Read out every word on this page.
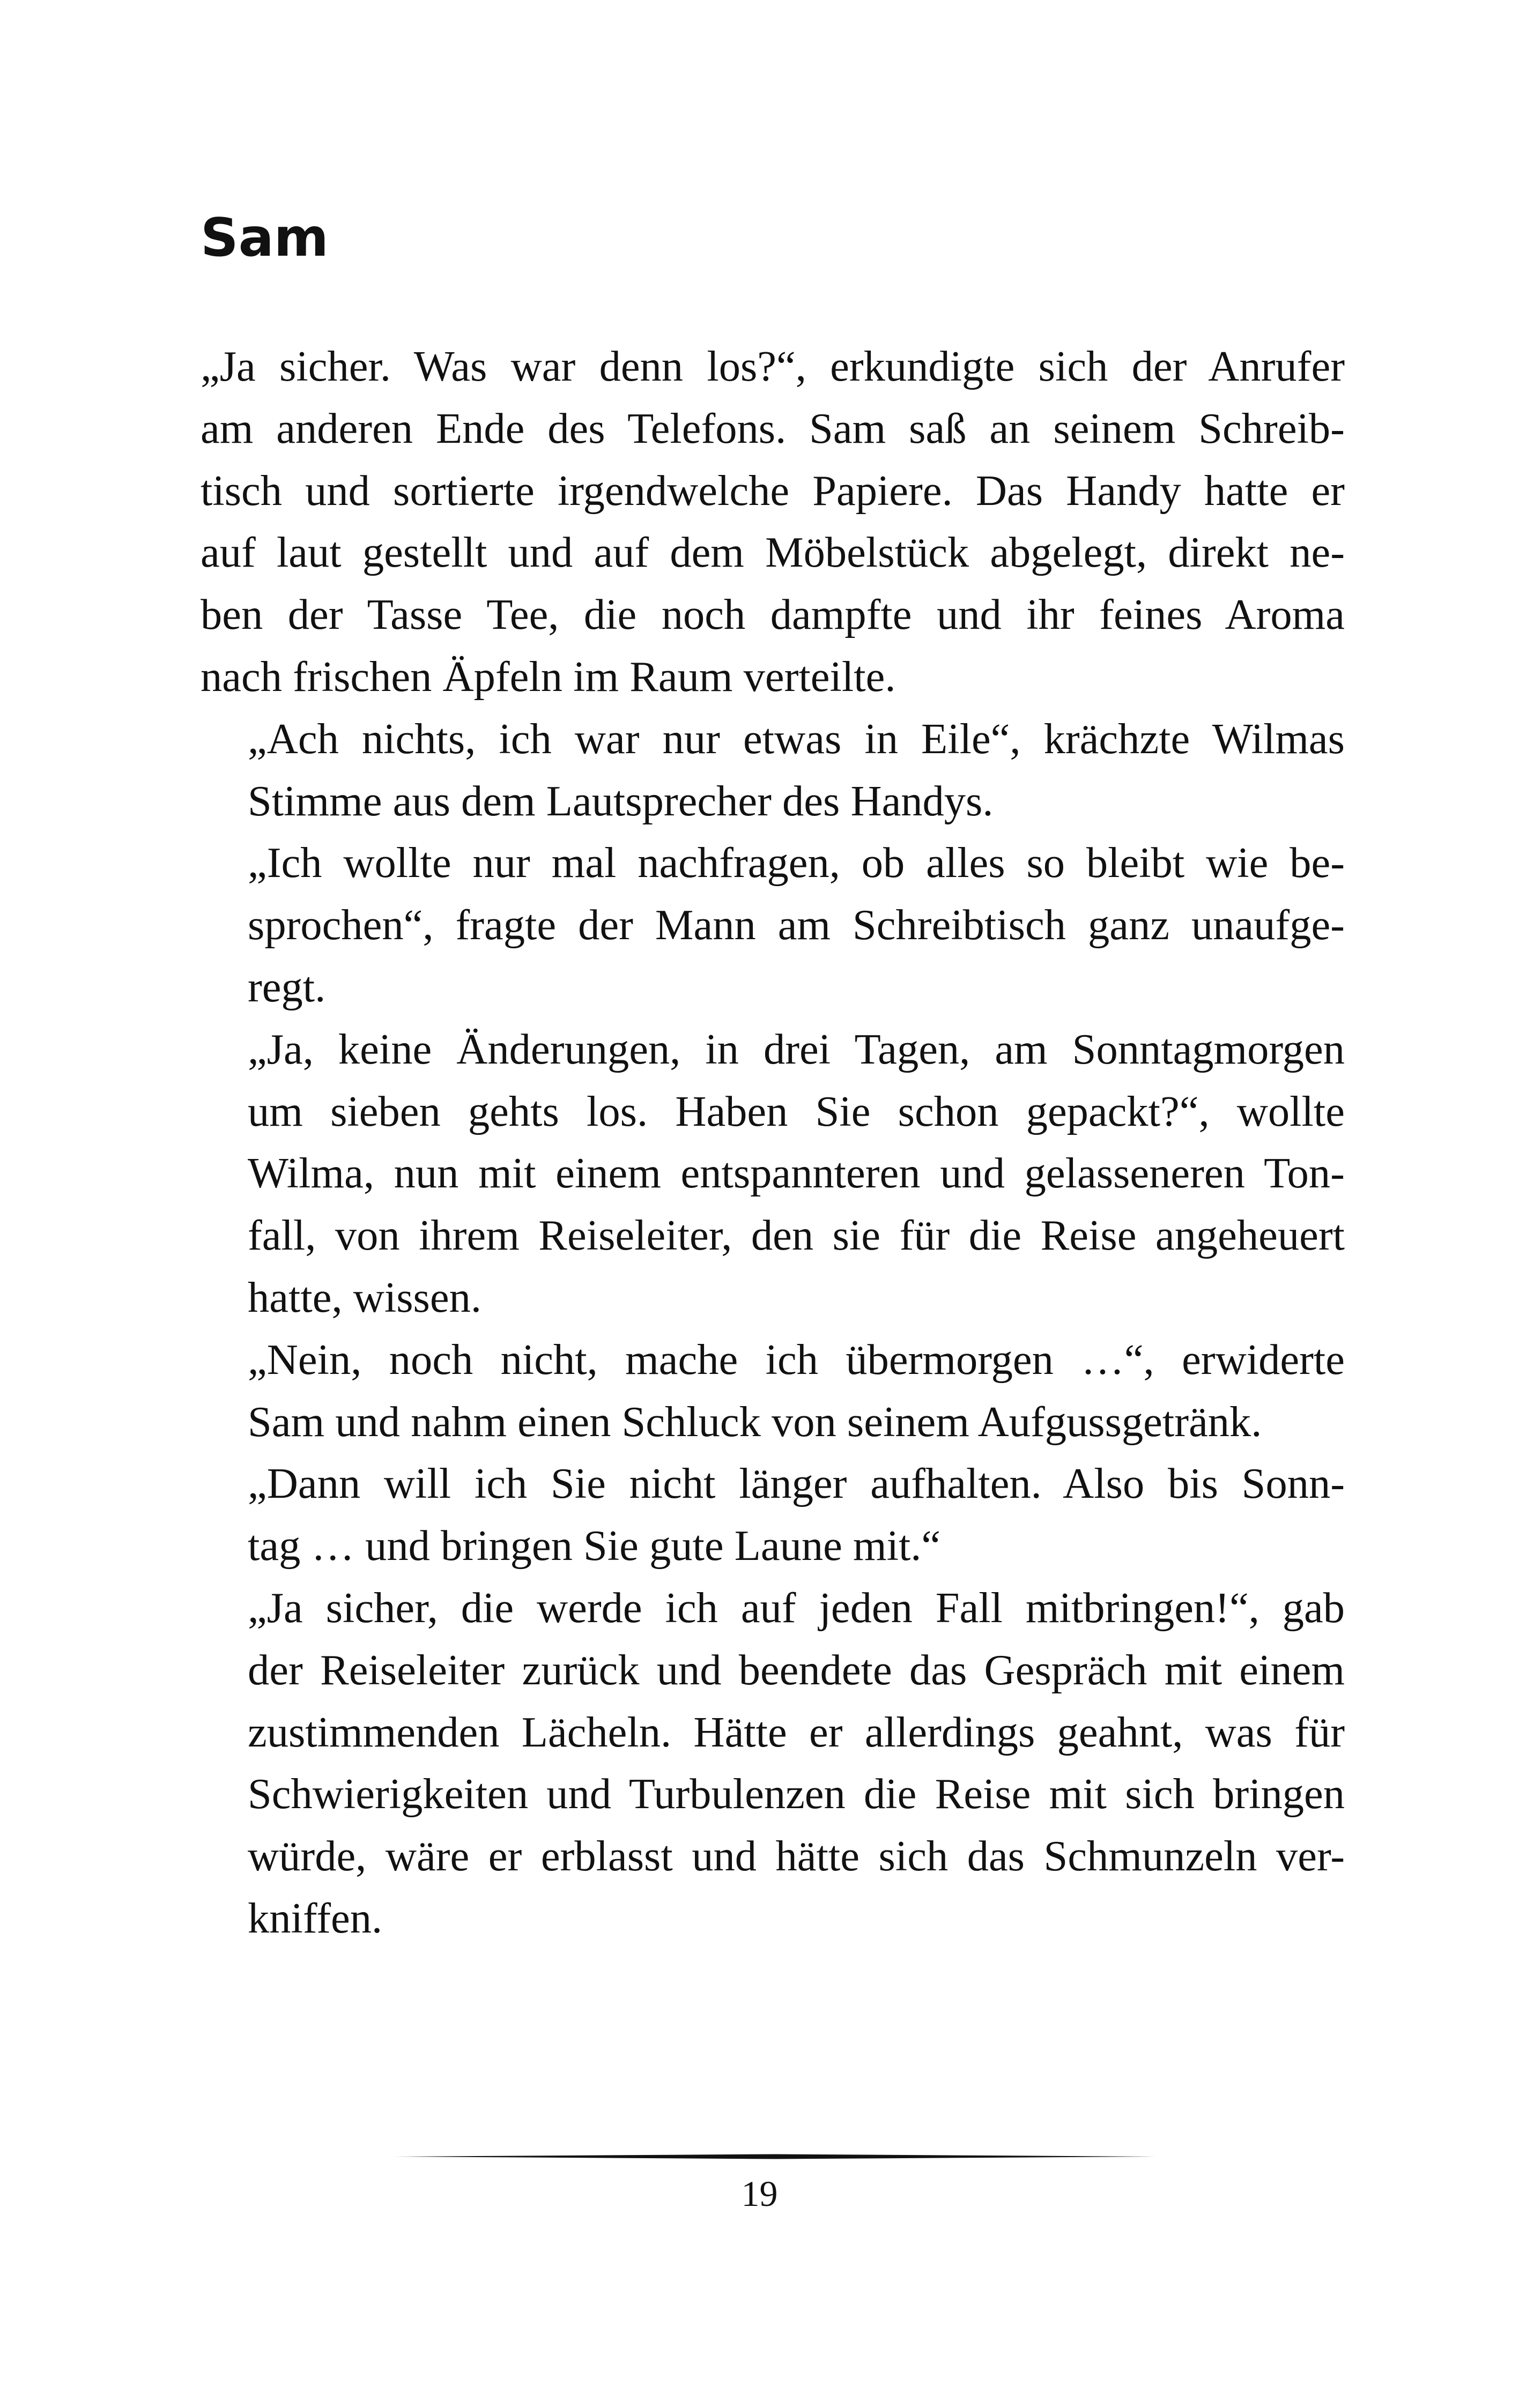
Sam

„Ja sicher. Was war denn los?“, erkundigte sich der Anrufer
am anderen Ende des Telefons. Sam saß an seinem Schreib-
tisch und sortierte irgendwelche Papiere. Das Handy hatte er
auf laut gestellt und auf dem Möbelstück abgelegt, direkt ne-
ben der Tasse Tee, die noch dampfte und ihr feines Aroma
nach frischen Äpfeln im Raum verteilte.

„Ach nichts, ich war nur etwas in Eile“, krächzte Wilmas
Stimme aus dem Lautsprecher des Handys.

„Ich wollte nur mal nachfragen, ob alles so bleibt wie be-
sprochen“, fragte der Mann am Schreibtisch ganz unaufge-
regt.

„Ja, keine Änderungen, in drei Tagen, am Sonntagmorgen
um sieben gehts los. Haben Sie schon gepackt?“, wollte
Wilma, nun mit einem entspannteren und gelasseneren Ton-
fall, von ihrem Reiseleiter, den sie für die Reise angeheuert
hatte, wissen.

„Nein, noch nicht, mache ich übermorgen …“, erwiderte
Sam und nahm einen Schluck von seinem Aufgussgetränk.

„Dann will ich Sie nicht länger aufhalten. Also bis Sonn-
tag … und bringen Sie gute Laune mit.“

„Ja sicher, die werde ich auf jeden Fall mitbringen!“, gab
der Reiseleiter zurück und beendete das Gespräch mit einem
zustimmenden Lächeln. Hätte er allerdings geahnt, was für
Schwierigkeiten und Turbulenzen die Reise mit sich bringen
würde, wäre er erblasst und hätte sich das Schmunzeln ver-
kniffen.

19
